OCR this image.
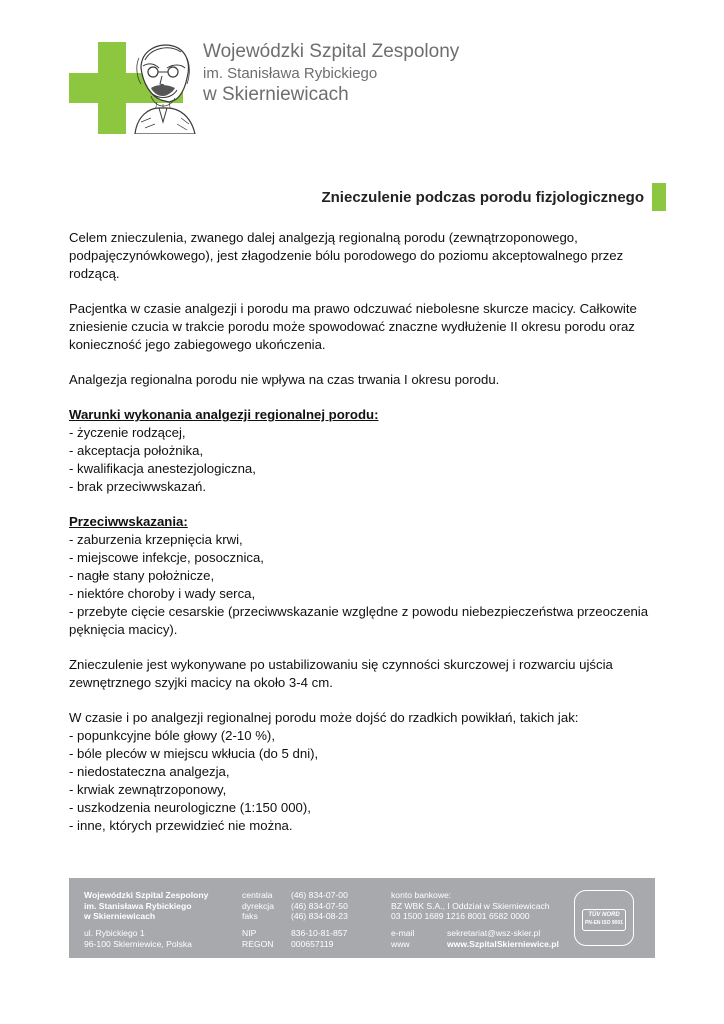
Wojewódzki Szpital Zespolony
im. Stanisława Rybickiego
w Skierniewicach
Znieczulenie podczas porodu fizjologicznego

Celem znieczulenia, zwanego dalej analgezją regionalną porodu (zewnątrzoponowego, podpajęczynówkowego), jest złagodzenie bólu porodowego do poziomu akceptowalnego przez rodzącą.

Pacjentka w czasie analgezji i porodu ma prawo odczuwać niebolesne skurcze macicy. Całkowite zniesienie czucia w trakcie porodu może spowodować znaczne wydłużenie II okresu porodu oraz konieczność jego zabiegowego ukończenia.

Analgezja regionalna porodu nie wpływa na czas trwania I okresu porodu.

Warunki wykonania analgezji regionalnej porodu:
- życzenie rodzącej,
- akceptacja położnika,
- kwalifikacja anestezjologiczna,
- brak przeciwwskazań.
Przeciwwskazania:
- zaburzenia krzepnięcia krwi,
- miejscowe infekcje, posocznica,
- nagłe stany położnicze,
- niektóre choroby i wady serca,
- przebyte cięcie cesarskie (przeciwwskazanie względne z powodu niebezpieczeństwa przeoczenia pęknięcia macicy).

Znieczulenie jest wykonywane po ustabilizowaniu się czynności skurczowej i rozwarciu ujścia zewnętrznego szyjki macicy na około 3-4 cm.

W czasie i po analgezji regionalnej porodu może dojść do rzadkich powikłań, takich jak:
- popunkcyjne bóle głowy (2-10 %),
- bóle pleców w miejscu wkłucia (do 5 dni),
- niedostateczna analgezja,
- krwiak zewnątrzoponowy,
- uszkodzenia neurologiczne (1:150 000),
- inne, których przewidzieć nie można.
Wojewódzki Szpital Zespolony
im. Stanisława Rybickiego
w Skierniewicach
ul. Rybickiego 1
96-100 Skierniewice, Polska
centrala
dyrekcja
faks
(46) 834-07-00
(46) 834-07-50
(46) 834-08-23
NIP
REGON
836-10-81-857
000657119
konto bankowe:
BZ WBK S.A., I Oddział w Skierniewicach
03 1500 1689 1216 8001 6582 0000
e-mail
www
sekretariat@wsz-skier.pl
www.SzpitalSkierniewice.pl
TÜV NORD
PN-EN ISO 9001
